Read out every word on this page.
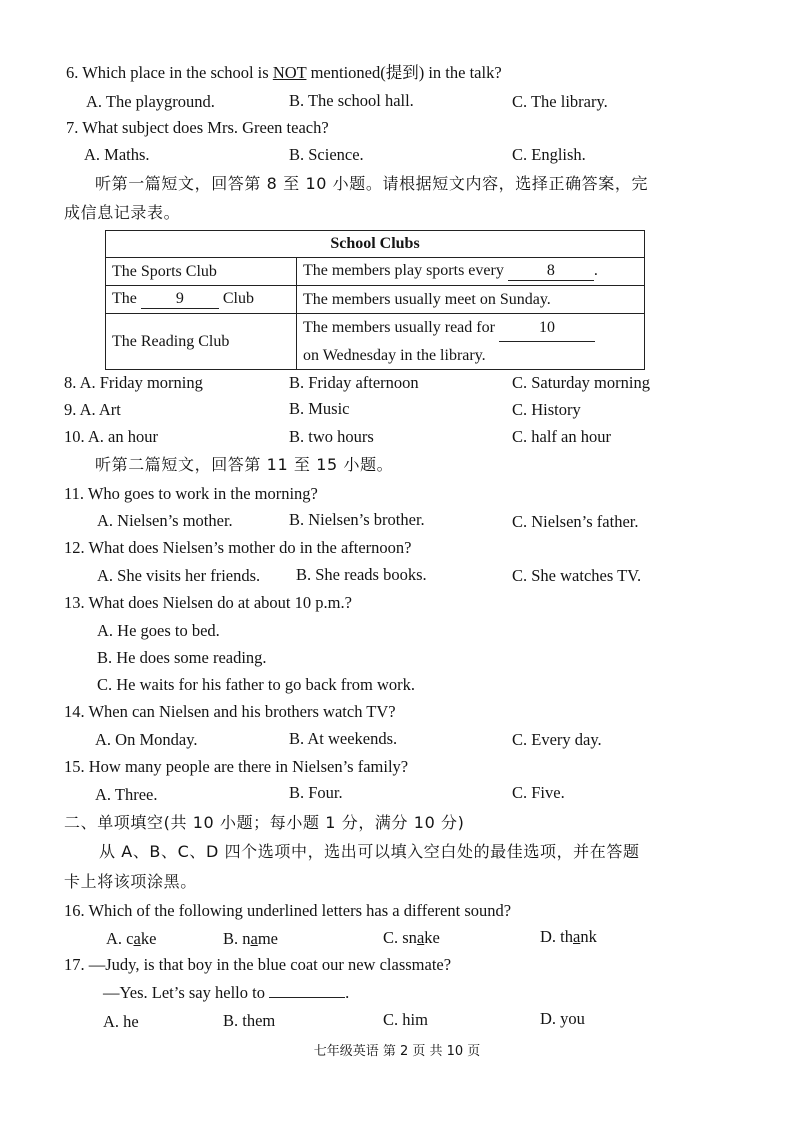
6. Which place in the school is NOT mentioned(提到) in the talk?
A. The playground.	B. The school hall.	C. The library.
7. What subject does Mrs. Green teach?
A. Maths.	B. Science.	C. English.
听第一篇短文，回答第 8 至 10 小题。请根据短文内容，选择正确答案，完
成信息记录表。
School Clubs	
The Sports Club	The members play sports every 8 .
The 9 Club	The members usually meet on Sunday.
The Reading Club	The members usually read for 10
on Wednesday in the library.
8. A. Friday morning	B. Friday afternoon	C. Saturday morning
9. A. Art	B. Music	C. History
10. A. an hour	B. two hours	C. half an hour
听第二篇短文，回答第 11 至 15 小题。
11. Who goes to work in the morning?
A. Nielsen’s mother.	B. Nielsen’s brother.	C. Nielsen’s father.
12. What does Nielsen’s mother do in the afternoon?
A. She visits her friends. B. She reads books.	C. She watches TV.
13. What does Nielsen do at about 10 p.m.?
A. He goes to bed.
B. He does some reading.
C. He waits for his father to go back from work.
14. When can Nielsen and his brothers watch TV?
A. On Monday.	B. At weekends.	C. Every day.
15. How many people are there in Nielsen’s family?
A. Three.	B. Four.	C. Five.
二、单项填空(共 10 小题；每小题 1 分，满分 10 分)
从 A、B、C、D 四个选项中，选出可以填入空白处的最佳选项，并在答题
卡上将该项涂黑。
16. Which of the following underlined letters has a different sound?
A. cake	B. name	C. snake	D. thank
17. —Judy, is that boy in the blue coat our new classmate?
—Yes. Let’s say hello to	.
A. he	B. them	C. him	D. you
七年级英语 第 2 页 共 10 页
